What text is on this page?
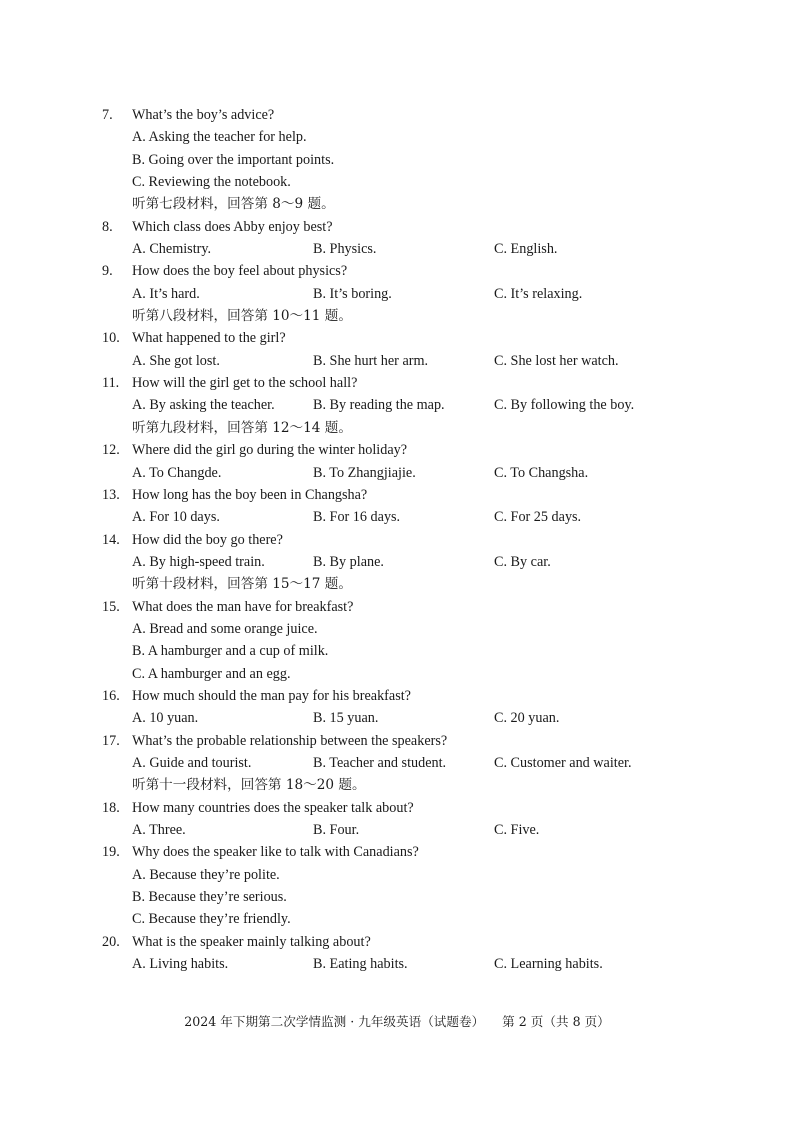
7. What’s the boy’s advice?
A. Asking the teacher for help.
B. Going over the important points.
C. Reviewing the notebook.
听第七段材料，回答第 8～9 题。
8. Which class does Abby enjoy best?
A. Chemistry.	B. Physics.	C. English.
9. How does the boy feel about physics?
A. It’s hard.	B. It’s boring.	C. It’s relaxing.
听第八段材料，回答第 10～11 题。
10. What happened to the girl?
A. She got lost.	B. She hurt her arm.	C. She lost her watch.
11. How will the girl get to the school hall?
A. By asking the teacher.	B. By reading the map.	C. By following the boy.
听第九段材料，回答第 12～14 题。
12. Where did the girl go during the winter holiday?
A. To Changde.	B. To Zhangjiajie.	C. To Changsha.
13. How long has the boy been in Changsha?
A. For 10 days.	B. For 16 days.	C. For 25 days.
14. How did the boy go there?
A. By high-speed train.	B. By plane.	C. By car.
听第十段材料，回答第 15～17 题。
15. What does the man have for breakfast?
A. Bread and some orange juice.
B. A hamburger and a cup of milk.
C. A hamburger and an egg.
16. How much should the man pay for his breakfast?
A. 10 yuan.	B. 15 yuan.	C. 20 yuan.
17. What’s the probable relationship between the speakers?
A. Guide and tourist.	B. Teacher and student.	C. Customer and waiter.
听第十一段材料，回答第 18～20 题。
18. How many countries does the speaker talk about?
A. Three.	B. Four.	C. Five.
19. Why does the speaker like to talk with Canadians?
A. Because they’re polite.
B. Because they’re serious.
C. Because they’re friendly.
20. What is the speaker mainly talking about?
A. Living habits.	B. Eating habits.	C. Learning habits.
2024 年下期第二次学情监测 · 九年级英语（试题卷） 第 2 页（共 8 页）
